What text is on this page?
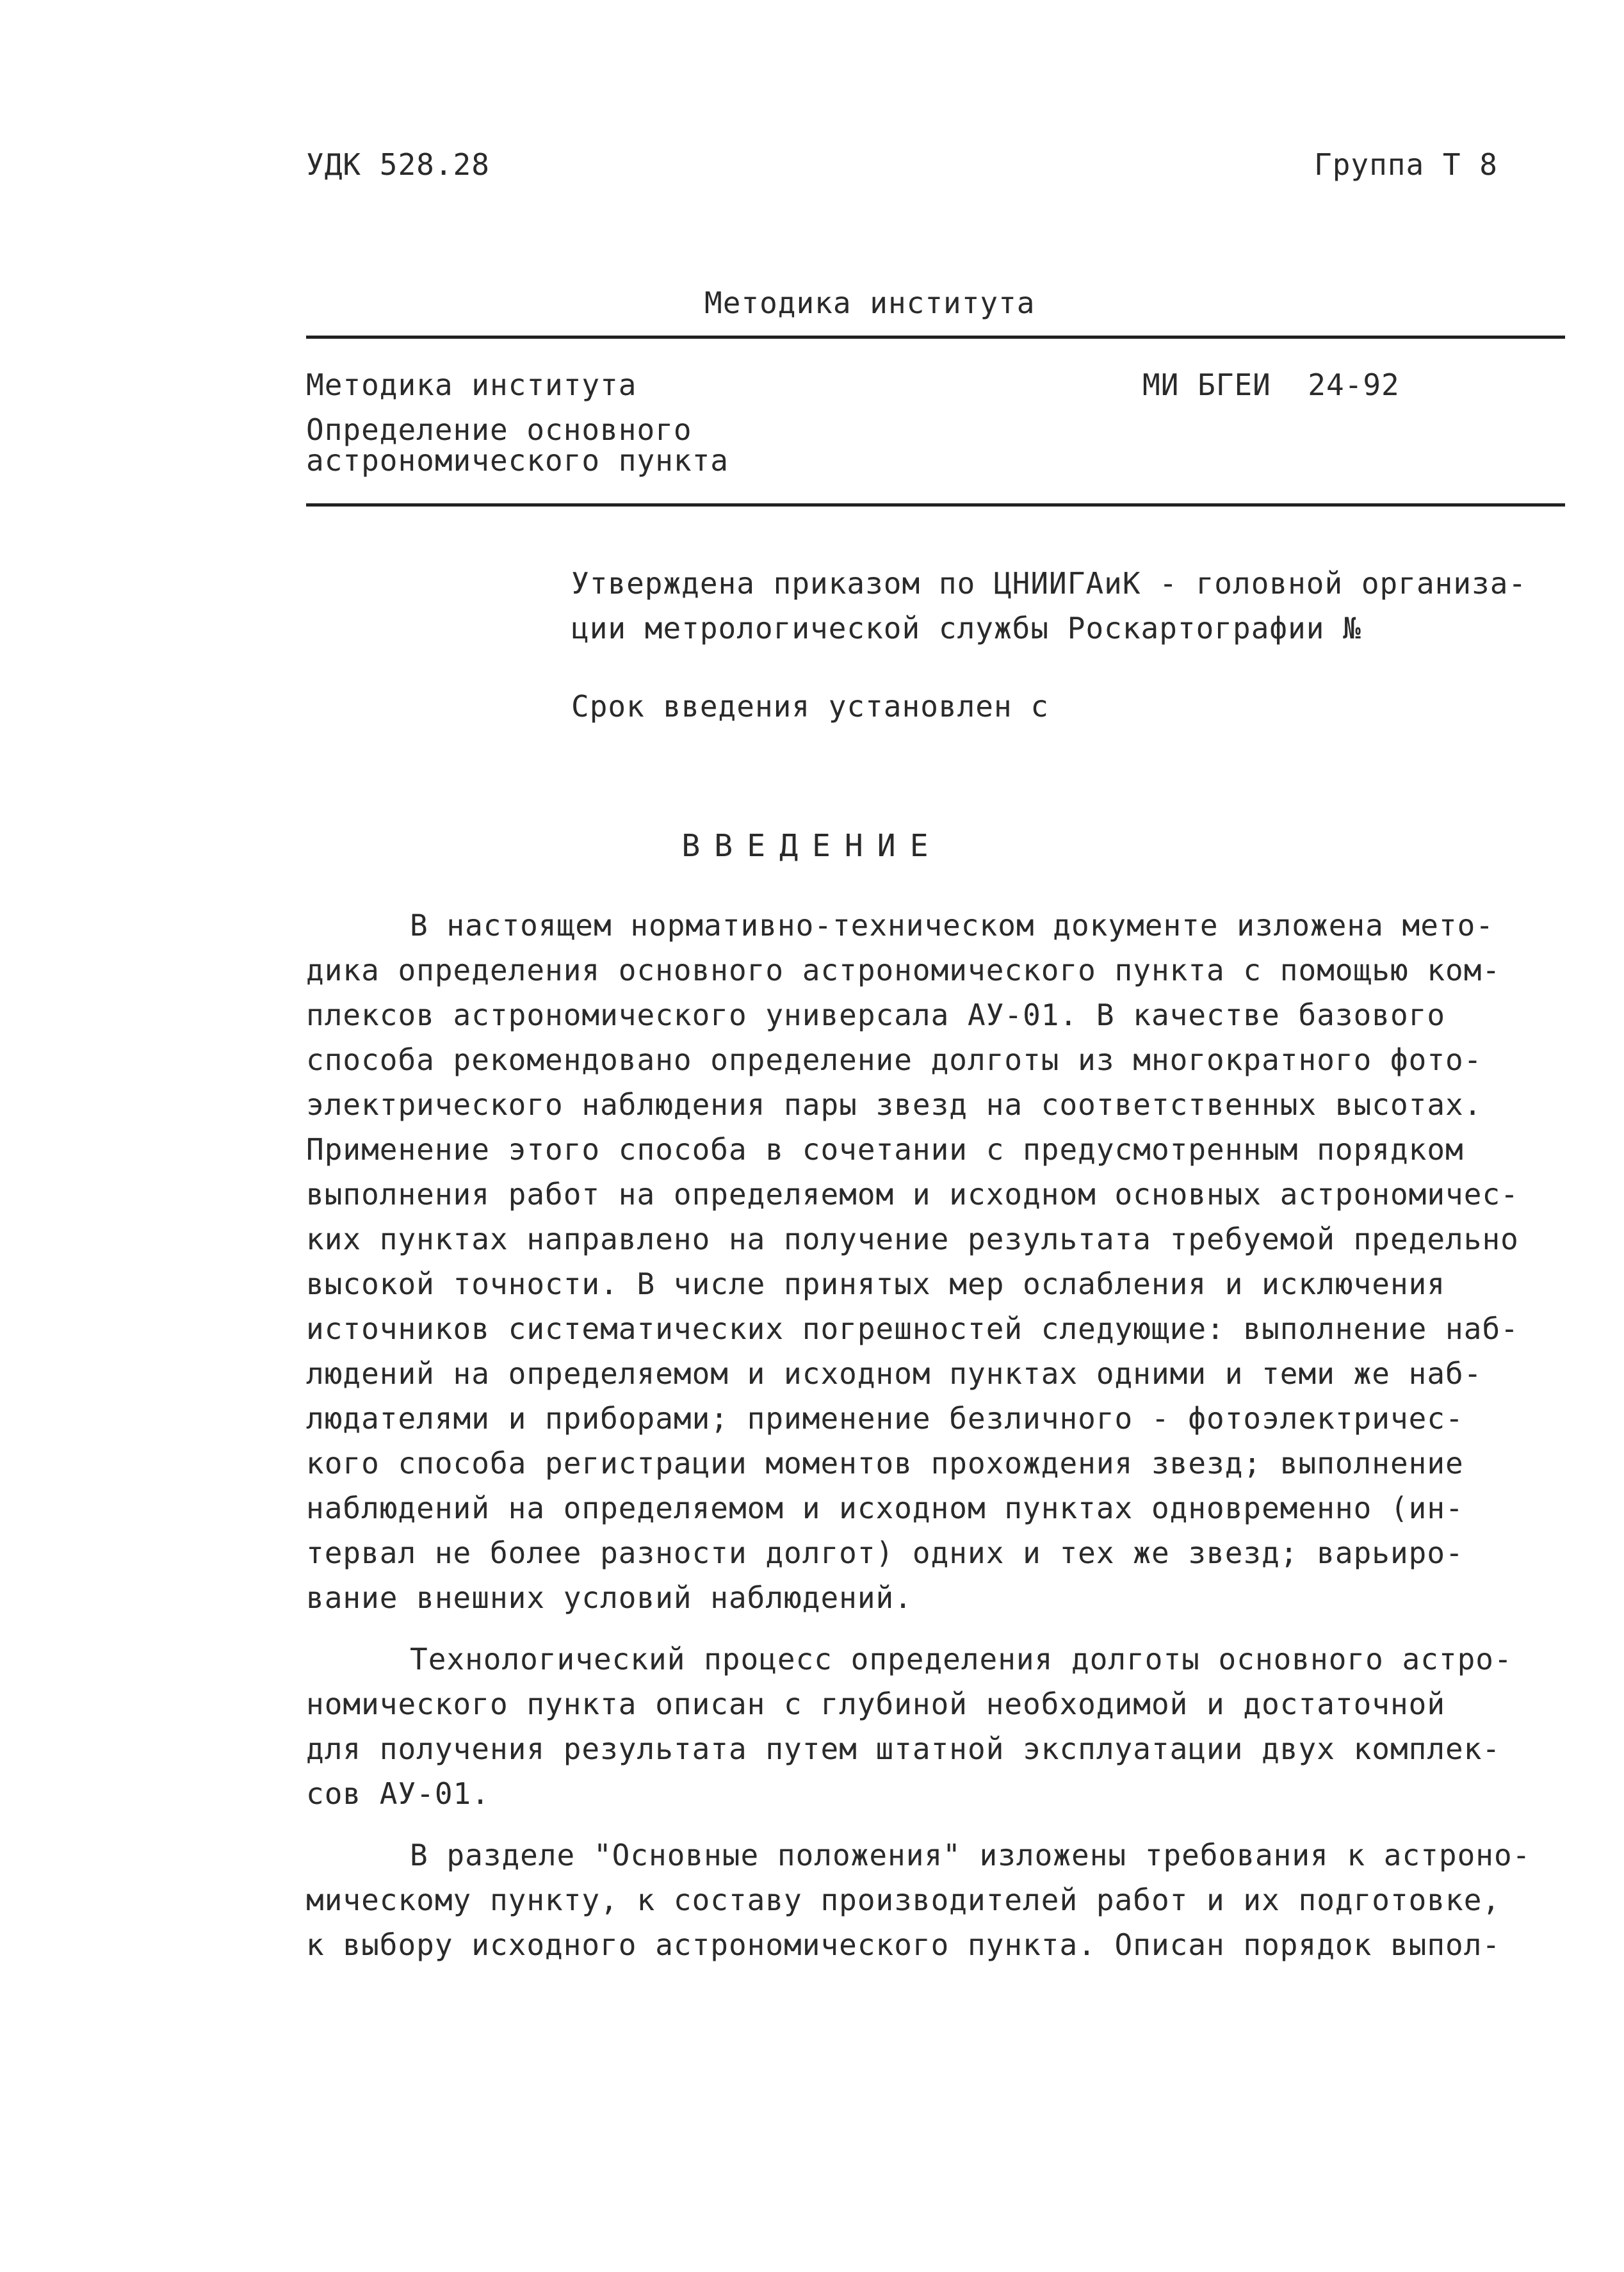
УДК 528.28	Группа Т 8
Методика института
Методика института
Определение основного
астрономического пункта
МИ БГЕИ  24-92
Утверждена приказом по ЦНИИГАиК - головной организа-
ции метрологической службы Роскартографии №
Срок введения установлен с
ВВЕДЕНИЕ
В настоящем нормативно-техническом документе изложена мето-
дика определения основного астрономического пункта с помощью ком-
плексов астрономического универсала АУ-01. В качестве базового
способа рекомендовано определение долготы из многократного фото-
электрического наблюдения пары звезд на соответственных высотах.
Применение этого способа в сочетании с предусмотренным порядком
выполнения работ на определяемом и исходном основных астрономичес-
ких пунктах направлено на получение результата требуемой предельно
высокой точности. В числе принятых мер ослабления и исключения
источников систематических погрешностей следующие: выполнение наб-
людений на определяемом и исходном пунктах одними и теми же наб-
людателями и приборами; применение безличного - фотоэлектричес-
кого способа регистрации моментов прохождения звезд; выполнение
наблюдений на определяемом и исходном пунктах одновременно (ин-
тервал не более разности долгот) одних и тех же звезд; варьиро-
вание внешних условий наблюдений.
Технологический процесс определения долготы основного астро-
номического пункта описан с глубиной необходимой и достаточной
для получения результата путем штатной эксплуатации двух комплек-
сов АУ-01.
В разделе "Основные положения" изложены требования к астроно-
мическому пункту, к составу производителей работ и их подготовке,
к выбору исходного астрономического пункта. Описан порядок выпол-
